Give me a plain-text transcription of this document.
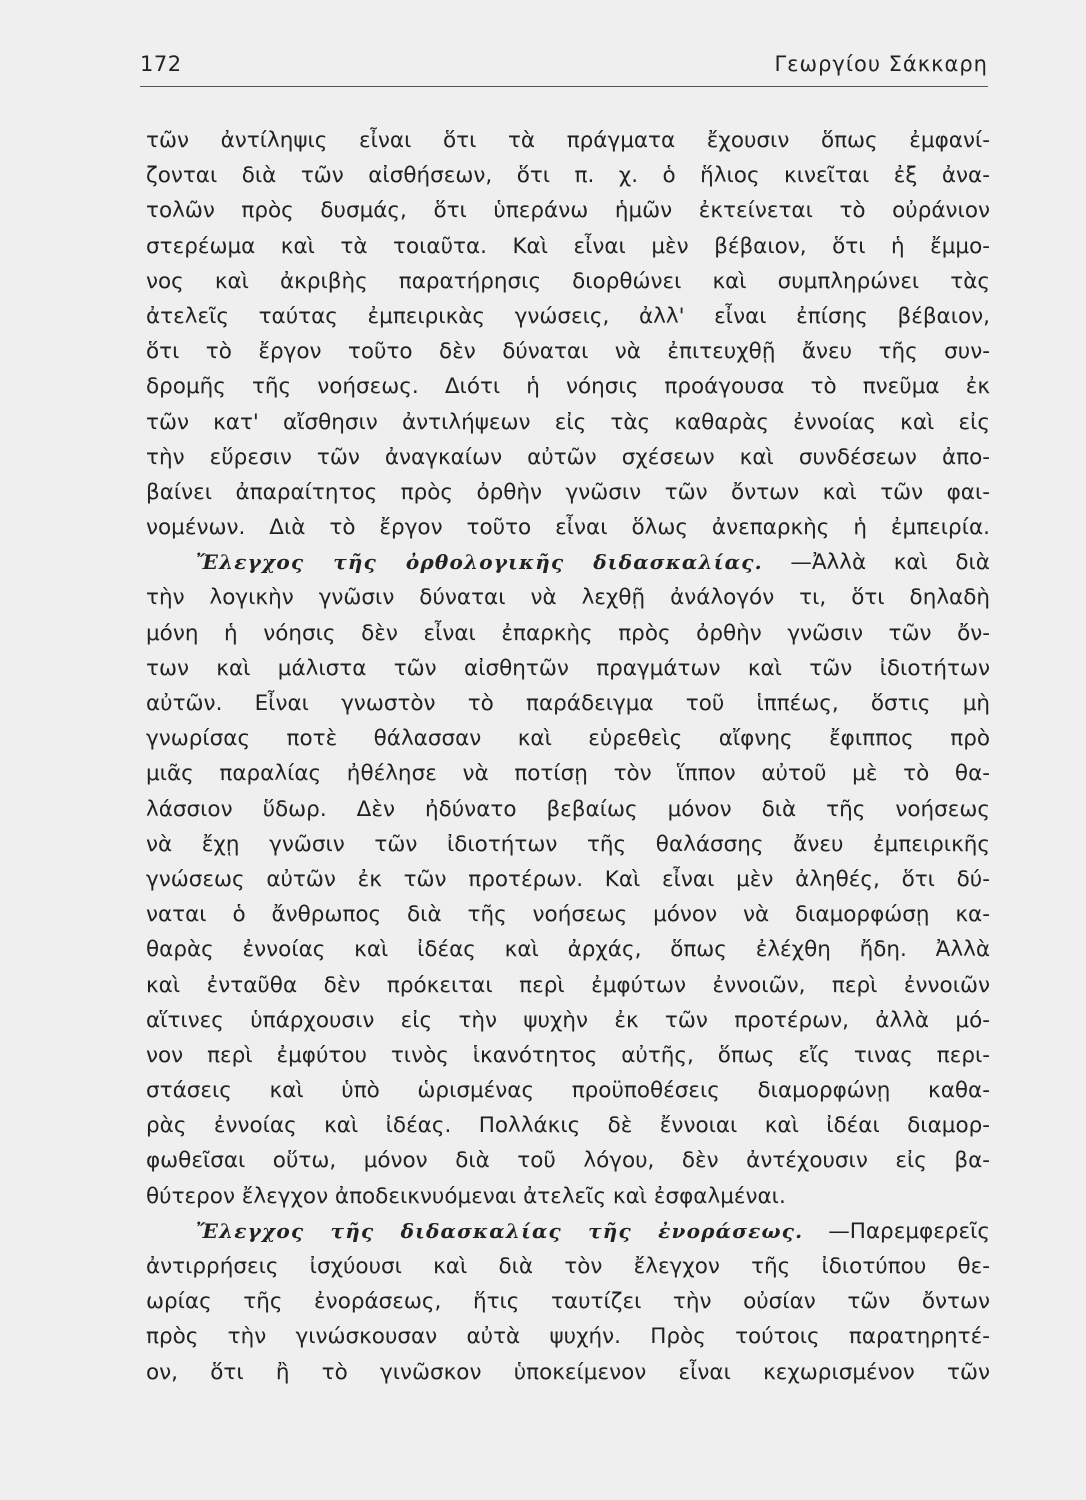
172	Γεωργίου Σάκκαρη
τῶν ἀντίληψις εἶναι ὅτι τὰ πράγματα ἔχουσιν ὅπως ἐμφανί-
ζονται διὰ τῶν αἰσθήσεων, ὅτι π. χ. ὁ ἥλιος κινεῖται ἐξ ἀνα-
τολῶν πρὸς δυσμάς, ὅτι ὑπεράνω ἡμῶν ἐκτείνεται τὸ οὐράνιον
στερέωμα καὶ τὰ τοιαῦτα. Καὶ εἶναι μὲν βέβαιον, ὅτι ἡ ἔμμο-
νος καὶ ἀκριβὴς παρατήρησις διορθώνει καὶ συμπληρώνει τὰς
ἀτελεῖς ταύτας ἐμπειρικὰς γνώσεις, ἀλλ' εἶναι ἐπίσης βέβαιον,
ὅτι τὸ ἔργον τοῦτο δὲν δύναται νὰ ἐπιτευχθῇ ἄνευ τῆς συν-
δρομῆς τῆς νοήσεως. Διότι ἡ νόησις προάγουσα τὸ πνεῦμα ἐκ
τῶν κατ' αἴσθησιν ἀντιλήψεων εἰς τὰς καθαρὰς ἐννοίας καὶ εἰς
τὴν εὕρεσιν τῶν ἀναγκαίων αὐτῶν σχέσεων καὶ συνδέσεων ἀπο-
βαίνει ἀπαραίτητος πρὸς ὀρθὴν γνῶσιν τῶν ὄντων καὶ τῶν φαι-
νομένων. Διὰ τὸ ἔργον τοῦτο εἶναι ὅλως ἀνεπαρκὴς ἡ ἐμπειρία.
Ἔλεγχος τῆς ὀρθολογικῆς διδασκαλίας. —Ἀλλὰ καὶ διὰ
τὴν λογικὴν γνῶσιν δύναται νὰ λεχθῇ ἀνάλογόν τι, ὅτι δηλαδὴ
μόνη ἡ νόησις δὲν εἶναι ἐπαρκὴς πρὸς ὀρθὴν γνῶσιν τῶν ὄν-
των καὶ μάλιστα τῶν αἰσθητῶν πραγμάτων καὶ τῶν ἰδιοτήτων
αὐτῶν. Εἶναι γνωστὸν τὸ παράδειγμα τοῦ ἱππέως, ὅστις μὴ
γνωρίσας ποτὲ θάλασσαν καὶ εὑρεθεὶς αἴφνης ἔφιππος πρὸ
μιᾶς παραλίας ἠθέλησε νὰ ποτίσῃ τὸν ἵππον αὐτοῦ μὲ τὸ θα-
λάσσιον ὕδωρ. Δὲν ἠδύνατο βεβαίως μόνον διὰ τῆς νοήσεως
νὰ ἔχῃ γνῶσιν τῶν ἰδιοτήτων τῆς θαλάσσης ἄνευ ἐμπειρικῆς
γνώσεως αὐτῶν ἐκ τῶν προτέρων. Καὶ εἶναι μὲν ἀληθές, ὅτι δύ-
ναται ὁ ἄνθρωπος διὰ τῆς νοήσεως μόνον νὰ διαμορφώσῃ κα-
θαρὰς ἐννοίας καὶ ἰδέας καὶ ἀρχάς, ὅπως ἐλέχθη ἤδη. Ἀλλὰ
καὶ ἐνταῦθα δὲν πρόκειται περὶ ἐμφύτων ἐννοιῶν, περὶ ἐννοιῶν
αἵτινες ὑπάρχουσιν εἰς τὴν ψυχὴν ἐκ τῶν προτέρων, ἀλλὰ μό-
νον περὶ ἐμφύτου τινὸς ἱκανότητος αὐτῆς, ὅπως εἴς τινας περι-
στάσεις καὶ ὑπὸ ὡρισμένας προϋποθέσεις διαμορφώνῃ καθα-
ρὰς ἐννοίας καὶ ἰδέας. Πολλάκις δὲ ἔννοιαι καὶ ἰδέαι διαμορ-
φωθεῖσαι οὕτω, μόνον διὰ τοῦ λόγου, δὲν ἀντέχουσιν εἰς βα-
θύτερον ἔλεγχον ἀποδεικνυόμεναι ἀτελεῖς καὶ ἐσφαλμέναι.
Ἔλεγχος τῆς διδασκαλίας τῆς ἐνοράσεως. —Παρεμφερεῖς
ἀντιρρήσεις ἰσχύουσι καὶ διὰ τὸν ἔλεγχον τῆς ἰδιοτύπου θε-
ωρίας τῆς ἐνοράσεως, ἥτις ταυτίζει τὴν οὐσίαν τῶν ὄντων
πρὸς τὴν γινώσκουσαν αὐτὰ ψυχήν. Πρὸς τούτοις παρατηρητέ-
ον, ὅτι ἢ τὸ γινῶσκον ὑποκείμενον εἶναι κεχωρισμένον τῶν
